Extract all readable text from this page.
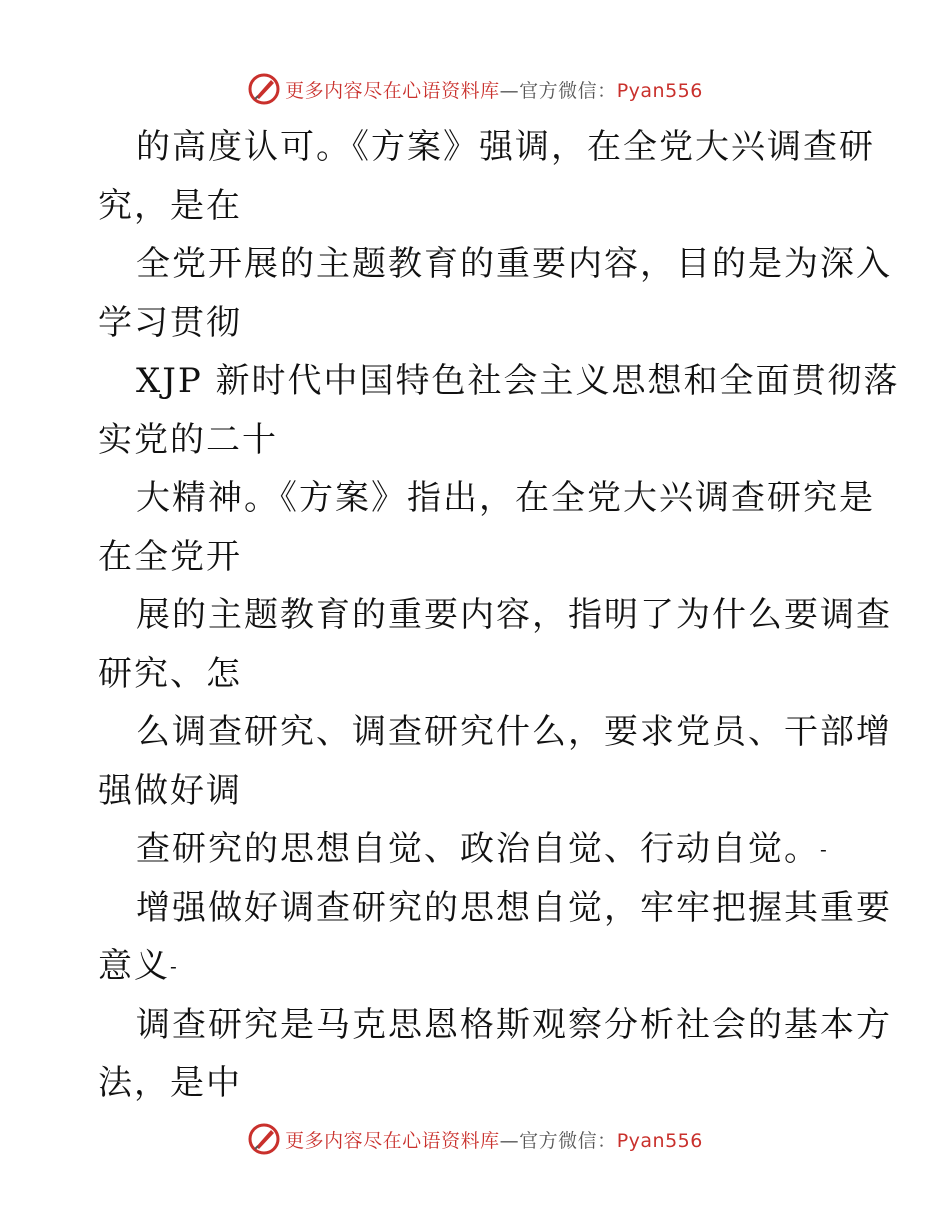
更多内容尽在心语资料库—官方微信：Pyan556
的高度认可。《方案》强调，在全党大兴调查研
究，是在
全党开展的主题教育的重要内容，目的是为深入
学习贯彻
XJP 新时代中国特色社会主义思想和全面贯彻落
实党的二十
大精神。《方案》指出，在全党大兴调查研究是
在全党开
展的主题教育的重要内容，指明了为什么要调查
研究、怎
么调查研究、调查研究什么，要求党员、干部增
强做好调
查研究的思想自觉、政治自觉、行动自觉。-
增强做好调查研究的思想自觉，牢牢把握其重要
意义-
调查研究是马克思恩格斯观察分析社会的基本方
法，是中
更多内容尽在心语资料库—官方微信：Pyan556
